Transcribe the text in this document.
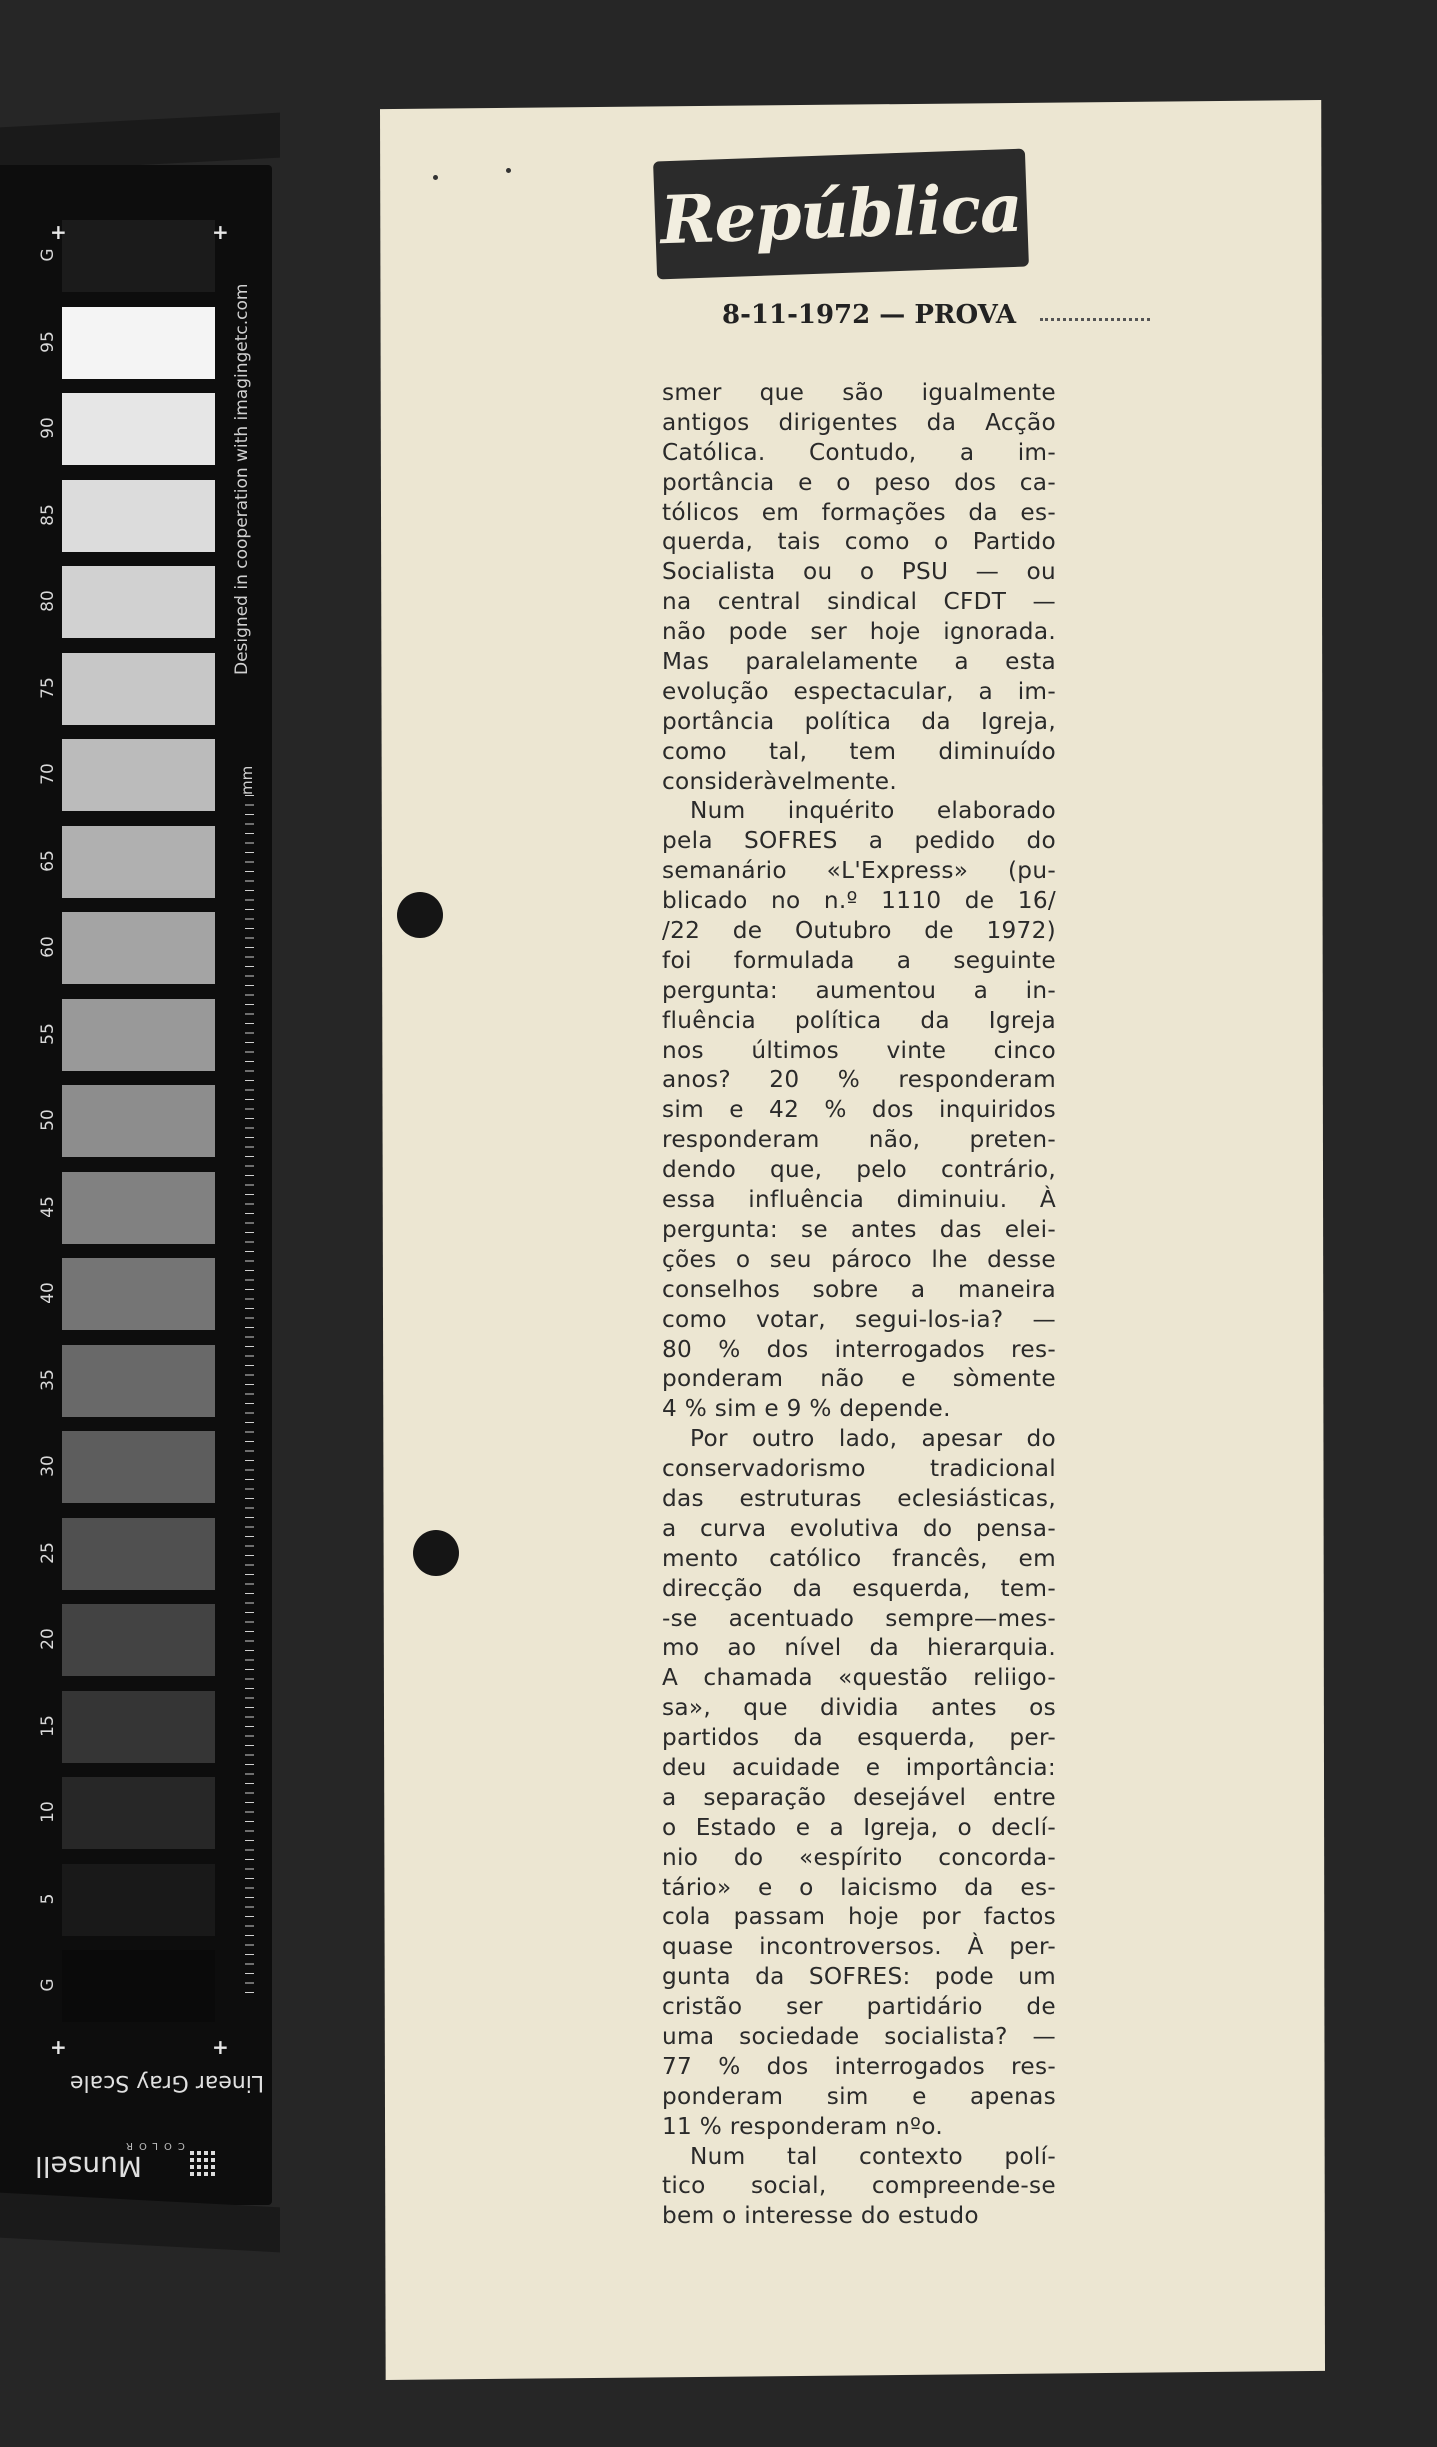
G
95
90
85
80
75
70
65
60
55
50
45
40
35
30
25
20
15
10
5
G
+	+
+	+
Designed in cooperation with imagingetc.com
mm
Linear Gray Scale
COLOR
Munsell
República
8-11-1972 — PROVA
smer que são igualmente
antigos dirigentes da Acção
Católica. Contudo, a im-
portância e o peso dos ca-
tólicos em formações da es-
querda, tais como o Partido
Socialista ou o PSU — ou
na central sindical CFDT —
não pode ser hoje ignorada.
Mas paralelamente a esta
evolução espectacular, a im-
portância política da Igreja,
como tal, tem diminuído
consideràvelmente.
Num inquérito elaborado
pela SOFRES a pedido do
semanário «L'Express» (pu-
blicado no n.º 1110 de 16/
/22 de Outubro de 1972)
foi formulada a seguinte
pergunta: aumentou a in-
fluência política da Igreja
nos últimos vinte cinco
anos? 20 % responderam
sim e 42 % dos inquiridos
responderam não, preten-
dendo que, pelo contrário,
essa influência diminuiu. À
pergunta: se antes das elei-
ções o seu pároco lhe desse
conselhos sobre a maneira
como votar, segui-los-ia? —
80 % dos interrogados res-
ponderam não e sòmente
4 % sim e 9 % depende.
Por outro lado, apesar do
conservadorismo tradicional
das estruturas eclesiásticas,
a curva evolutiva do pensa-
mento católico francês, em
direcção da esquerda, tem-
-se acentuado sempre—mes-
mo ao nível da hierarquia.
A chamada «questão reliigo-
sa», que dividia antes os
partidos da esquerda, per-
deu acuidade e importância:
a separação desejável entre
o Estado e a Igreja, o declí-
nio do «espírito concorda-
tário» e o laicismo da es-
cola passam hoje por factos
quase incontroversos. À per-
gunta da SOFRES: pode um
cristão ser partidário de
uma sociedade socialista? —
77 % dos interrogados res-
ponderam sim e apenas
11 % responderam nºo.
Num tal contexto polí-
tico social, compreende-se
bem o interesse do estudo
